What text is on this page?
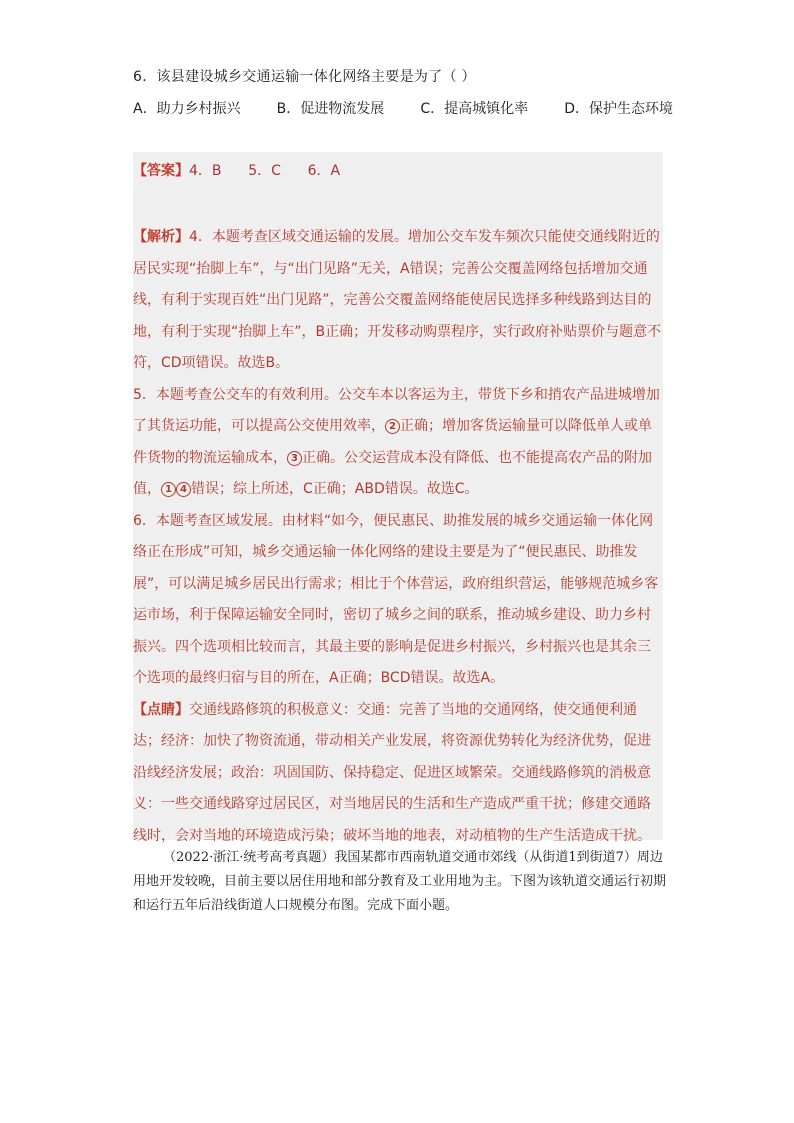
6．该县建设城乡交通运输一体化网络主要是为了（ ）
A．助力乡村振兴	B．促进物流发展	C．提高城镇化率	D．保护生态环境
【答案】4．B      5．C      6．A

【解析】4．本题考查区域交通运输的发展。增加公交车发车频次只能使交通线附近的居民实现“抬脚上车”，与“出门见路”无关，A错误；完善公交覆盖网络包括增加交通线，有利于实现百姓“出门见路”，完善公交覆盖网络能使居民选择多种线路到达目的地，有利于实现“抬脚上车”，B正确；开发移动购票程序，实行政府补贴票价与题意不符，CD项错误。故选B。

5．本题考查公交车的有效利用。公交车本以客运为主，带货下乡和捎农产品进城增加了其货运功能，可以提高公交使用效率， 2 正确；增加客货运输量可以降低单人或单件货物的物流运输成本， 3 正确。公交运营成本没有降低、也不能提高农产品的附加值， 1 4 错误；综上所述，C正确；ABD错误。故选C。

6．本题考查区域发展。由材料“如今，便民惠民、助推发展的城乡交通运输一体化网络正在形成”可知，城乡交通运输一体化网络的建设主要是为了“便民惠民、助推发展”，可以满足城乡居民出行需求；相比于个体营运，政府组织营运，能够规范城乡客运市场，利于保障运输安全同时，密切了城乡之间的联系，推动城乡建设、助力乡村振兴。四个选项相比较而言，其最主要的影响是促进乡村振兴，乡村振兴也是其余三个选项的最终归宿与目的所在，A正确；BCD错误。故选A。

【点睛】交通线路修筑的积极意义：交通：完善了当地的交通网络，使交通便利通达；经济：加快了物资流通，带动相关产业发展，将资源优势转化为经济优势，促进沿线经济发展；政治：巩固国防、保持稳定、促进区域繁荣。交通线路修筑的消极意义：一些交通线路穿过居民区，对当地居民的生活和生产造成严重干扰；修建交通路线时，会对当地的环境造成污染；破坏当地的地表，对动植物的生产生活造成干扰。

（2022·浙江·统考高考真题）我国某都市西南轨道交通市郊线（从街道1到街道7）周边用地开发较晚，目前主要以居住用地和部分教育及工业用地为主。下图为该轨道交通运行初期和运行五年后沿线街道人口规模分布图。完成下面小题。
